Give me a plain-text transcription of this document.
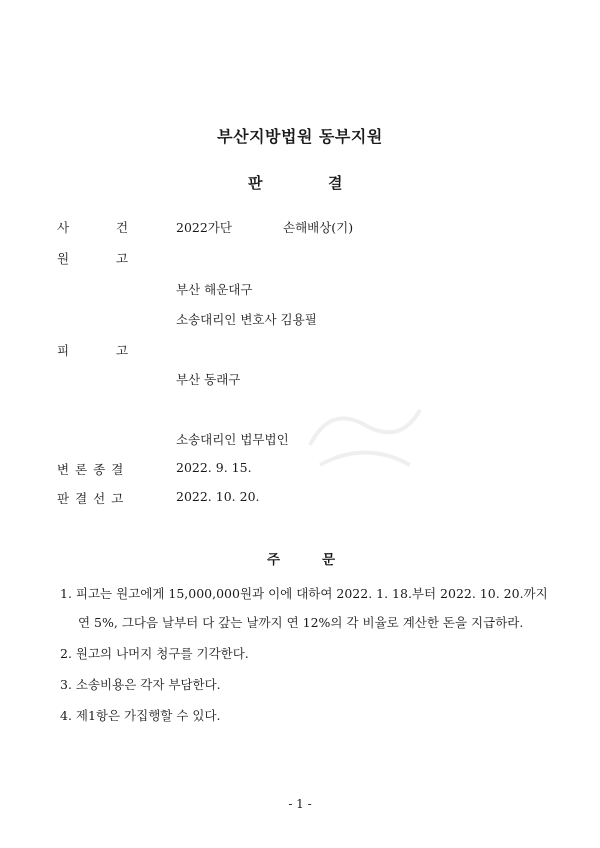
부산지방법원 동부지원
판	결
사	건	2022가단	손해배상(기)
원	고
부산 해운대구
소송대리인 변호사 김용필
피	고
부산 동래구
소송대리인 법무법인
변론종결	2022. 9. 15.
판결선고	2022. 10. 20.
주	문
1. 피고는 원고에게 15,000,000원과 이에 대하여 2022. 1. 18.부터 2022. 10. 20.까지
연 5%, 그다음 날부터 다 갚는 날까지 연 12%의 각 비율로 계산한 돈을 지급하라.
2. 원고의 나머지 청구를 기각한다.
3. 소송비용은 각자 부담한다.
4. 제1항은 가집행할 수 있다.
- 1 -
